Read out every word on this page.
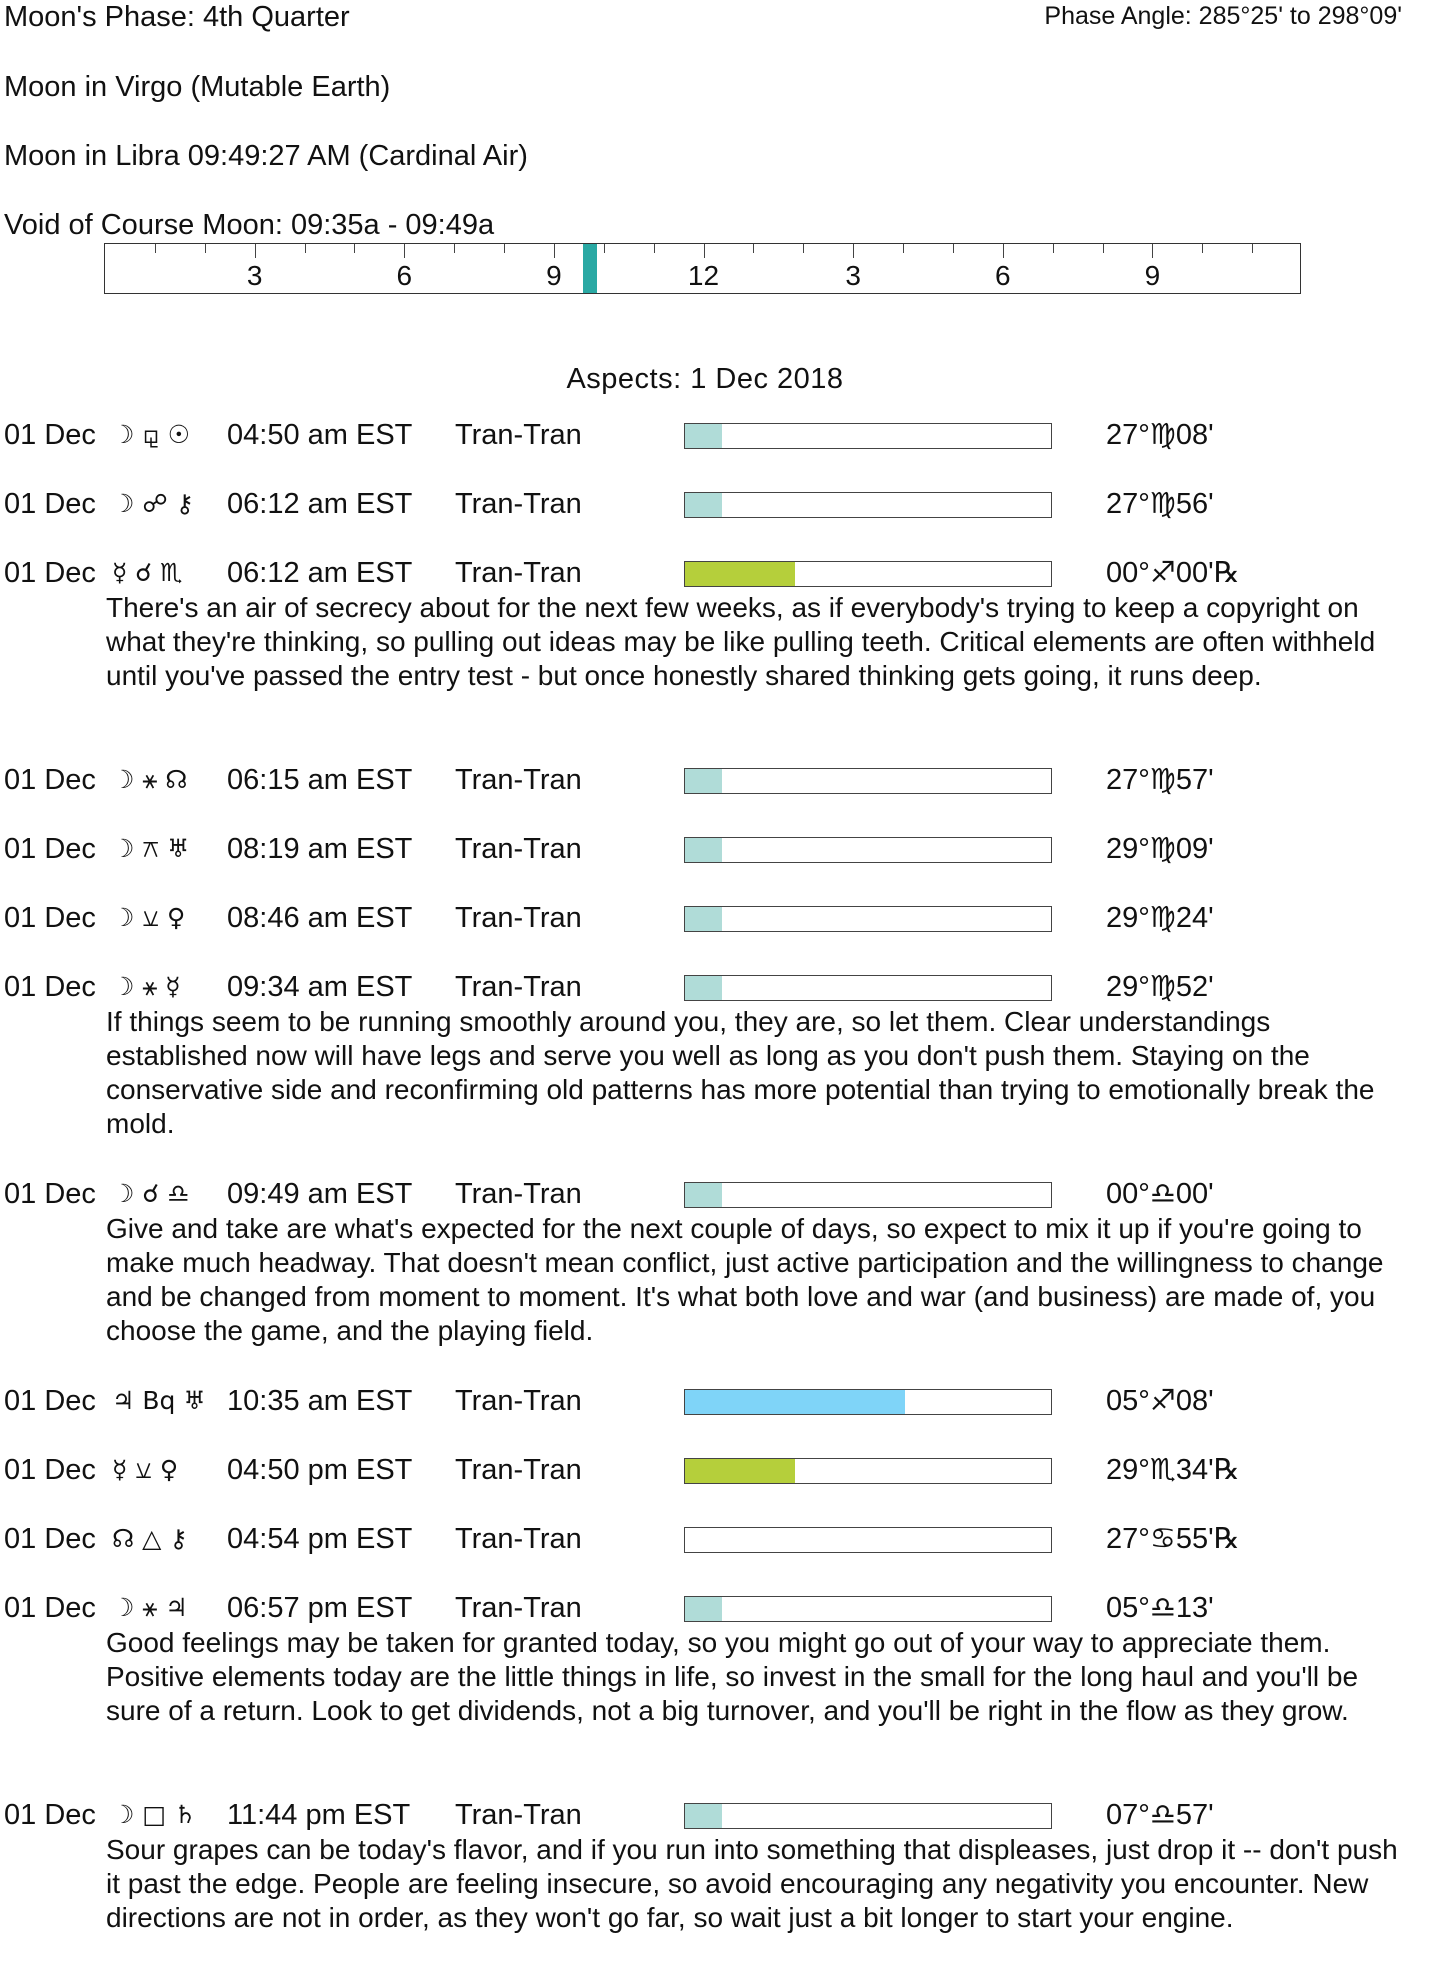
Moon's Phase: 4th Quarter	Phase Angle: 285°25' to 298°09'
Moon in Virgo (Mutable Earth)
Moon in Libra 09:49:27 AM (Cardinal Air)
Void of Course Moon: 09:35a - 09:49a
3	6	9	12	3	6	9
Aspects: 1 Dec 2018
01 Dec ☽ ⚼ ☉ 04:50 am EST Tran-Tran	27°♍08'
01 Dec ☽ ☍ ⚷ 06:12 am EST Tran-Tran	27°♍56'
01 Dec ☿ ☌ ♏ 06:12 am EST Tran-Tran	00°♐00'℞
There's an air of secrecy about for the next few weeks, as if everybody's trying to keep a copyright on what they're thinking, so pulling out ideas may be like pulling teeth. Critical elements are often withheld until you've passed the entry test - but once honestly shared thinking gets going, it runs deep.
01 Dec ☽ ⚹ ☊ 06:15 am EST Tran-Tran	27°♍57'
01 Dec ☽ ⚻ ♅ 08:19 am EST Tran-Tran	29°♍09'
01 Dec ☽ ⚺ ♀ 08:46 am EST Tran-Tran	29°♍24'
01 Dec ☽ ⚹ ☿ 09:34 am EST Tran-Tran	29°♍52'
If things seem to be running smoothly around you, they are, so let them. Clear understandings established now will have legs and serve you well as long as you don't push them. Staying on the conservative side and reconfirming old patterns has more potential than trying to emotionally break the mold.
01 Dec ☽ ☌ ♎ 09:49 am EST Tran-Tran	00°♎00'
Give and take are what's expected for the next couple of days, so expect to mix it up if you're going to make much headway. That doesn't mean conflict, just active participation and the willingness to change and be changed from moment to moment. It's what both love and war (and business) are made of, you choose the game, and the playing field.
01 Dec ♃ Bq ♅ 10:35 am EST Tran-Tran	05°♐08'
01 Dec ☿ ⚺ ♀ 04:50 pm EST Tran-Tran	29°♏34'℞
01 Dec ☊ △ ⚷ 04:54 pm EST Tran-Tran	27°♋55'℞
01 Dec ☽ ⚹ ♃ 06:57 pm EST Tran-Tran	05°♎13'
Good feelings may be taken for granted today, so you might go out of your way to appreciate them. Positive elements today are the little things in life, so invest in the small for the long haul and you'll be sure of a return. Look to get dividends, not a big turnover, and you'll be right in the flow as they grow.
01 Dec ☽ □ ♄ 11:44 pm EST Tran-Tran	07°♎57'
Sour grapes can be today's flavor, and if you run into something that displeases, just drop it -- don't push it past the edge. People are feeling insecure, so avoid encouraging any negativity you encounter. New directions are not in order, as they won't go far, so wait just a bit longer to start your engine.
